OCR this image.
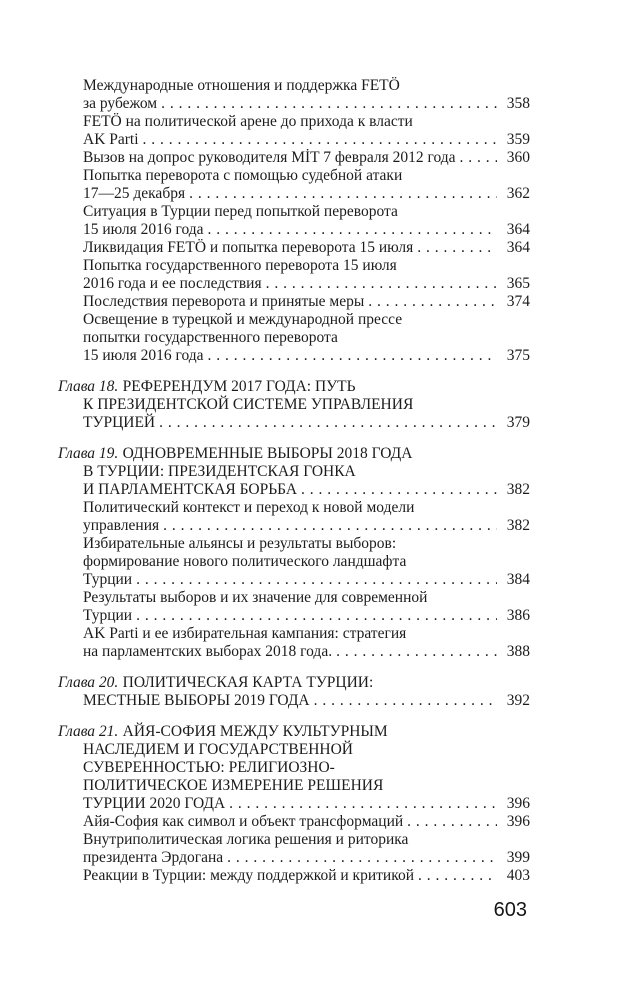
Международные отношения и поддержка FETÖ
за рубежом . . .	358
FETÖ на политической арене до прихода к власти
AK Parti . . .	359
Вызов на допрос руководителя MİT 7 февраля 2012 года . . .	360
Попытка переворота с помощью судебной атаки
17—25 декабря . . .	362
Ситуация в Турции перед попыткой переворота
15 июля 2016 года . . .	364
Ликвидация FETÖ и попытка переворота 15 июля . . .	364
Попытка государственного переворота 15 июля
2016 года и ее последствия . . .	365
Последствия переворота и принятые меры . . .	374
Освещение в турецкой и международной прессе
попытки государственного переворота
15 июля 2016 года . . .	375
Глава 18. РЕФЕРЕНДУМ 2017 ГОДА: ПУТЬ
К ПРЕЗИДЕНТСКОЙ СИСТЕМЕ УПРАВЛЕНИЯ
ТУРЦИЕЙ . . .	379
Глава 19. ОДНОВРЕМЕННЫЕ ВЫБОРЫ 2018 ГОДА
В ТУРЦИИ: ПРЕЗИДЕНТСКАЯ ГОНКА
И ПАРЛАМЕНТСКАЯ БОРЬБА . . .	382
Политический контекст и переход к новой модели
управления . . .	382
Избирательные альянсы и результаты выборов:
формирование нового политического ландшафта
Турции . . .	384
Результаты выборов и их значение для современной
Турции . . .	386
AK Parti и ее избирательная кампания: стратегия
на парламентских выборах 2018 года. . . .	388
Глава 20. ПОЛИТИЧЕСКАЯ КАРТА ТУРЦИИ:
МЕСТНЫЕ ВЫБОРЫ 2019 ГОДА . . .	392
Глава 21. АЙЯ-СОФИЯ МЕЖДУ КУЛЬТУРНЫМ
НАСЛЕДИЕМ И ГОСУДАРСТВЕННОЙ
СУВЕРЕННОСТЬЮ: РЕЛИГИОЗНО-
ПОЛИТИЧЕСКОЕ ИЗМЕРЕНИЕ РЕШЕНИЯ
ТУРЦИИ 2020 ГОДА . . .	396
Айя-София как символ и объект трансформаций . . .	396
Внутриполитическая логика решения и риторика
президента Эрдогана . . .	399
Реакции в Турции: между поддержкой и критикой . . .	403
603
